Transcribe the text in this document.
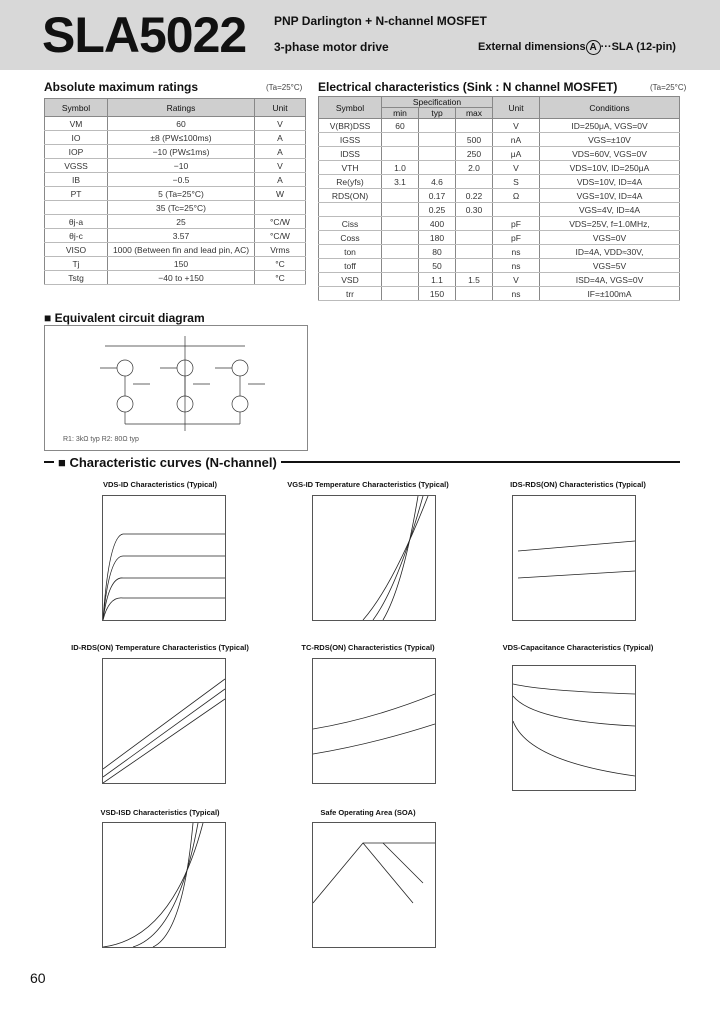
SLA5022 PNP Darlington + N-channel MOSFET
3-phase motor drive	External dimensions A ···SLA (12-pin)
Absolute maximum ratings	(Ta=25°C)
Symbol	Ratings	Unit
VM	60	V
IO	±8 (PW≤100ms)	A
IOP	−10 (PW≤1ms)	A
VGSS	−10	V
IB	−0.5	A
PT	5 (Ta=25°C)	W
	35 (Tc=25°C)	
θj-a	25	°C/W
θj-c	3.57	°C/W
VISO	1000 (Between fin and lead pin, AC)	Vrms
Tj	150	°C
Tstg	−40 to +150	°C
Electrical characteristics (Sink : N channel MOSFET)	(Ta=25°C)
Symbol	Specification			Unit	Conditions
	min	typ	max		
V(BR)DSS	60			V	ID=250μA, VGS=0V
IGSS			500	nA	VGS=±10V
IDSS			250	μA	VDS=60V, VGS=0V
VTH	1.0		2.0	V	VDS=10V, ID=250μA
Re(yfs)	3.1	4.6		S	VDS=10V, ID=4A
RDS(ON)		0.17	0.22	Ω	VGS=10V, ID=4A
		0.25	0.30		VGS=4V, ID=4A
Ciss		400		pF	VDS=25V, f=1.0MHz,
Coss		180		pF	VGS=0V
ton		80		ns	ID=4A, VDD≈30V,
toff		50		ns	VGS=5V
VSD		1.1	1.5	V	ISD=4A, VGS=0V
trr		150		ns	IF=±100mA
■ Equivalent circuit diagram
R1: 3kΩ typ R2: 80Ω typ
■ Characteristic curves (N-channel)
VDS-ID Characteristics (Typical)	VGS-ID Temperature Characteristics (Typical)	IDS-RDS(ON) Characteristics (Typical)
ID-RDS(ON) Temperature Characteristics (Typical)	TC-RDS(ON) Characteristics (Typical)	VDS-Capacitance Characteristics (Typical)
VSD-ISD Characteristics (Typical)	Safe Operating Area (SOA)
60
